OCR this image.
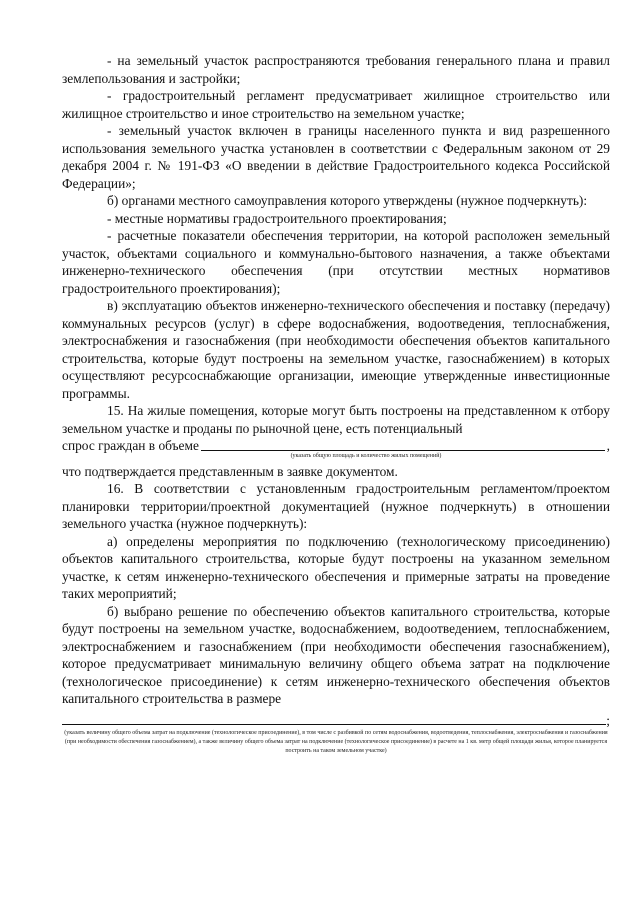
- на земельный участок распространяются требования генерального плана и правил землепользования и застройки;

- градостроительный регламент предусматривает жилищное строительство или жилищное строительство и иное строительство на земельном участке;

- земельный участок включен в границы населенного пункта и вид разрешенного использования земельного участка установлен в соответствии с Федеральным законом от 29 декабря 2004 г. № 191-ФЗ «О введении в действие Градостроительного кодекса Российской Федерации»;

б) органами местного самоуправления которого утверждены (нужное подчеркнуть):

- местные нормативы градостроительного проектирования;

- расчетные показатели обеспечения территории, на которой расположен земельный участок, объектами социального и коммунально-бытового назначения, а также объектами инженерно-технического обеспечения (при отсутствии местных нормативов градостроительного проектирования);

в) эксплуатацию объектов инженерно-технического обеспечения и поставку (передачу) коммунальных ресурсов (услуг) в сфере водоснабжения, водоотведения, теплоснабжения, электроснабжения и газоснабжения (при необходимости обеспечения объектов капитального строительства, которые будут построены на земельном участке, газоснабжением) в которых осуществляют ресурсоснабжающие организации, имеющие утвержденные инвестиционные программы.

15. На жилые помещения, которые могут быть построены на представленном к отбору земельном участке и проданы по рыночной цене, есть потенциальный

спрос граждан в объеме	,
(указать общую площадь и количество жилых помещений)

что подтверждается представленным в заявке документом.

16. В соответствии с установленным градостроительным регламентом/проектом планировки территории/проектной документацией (нужное подчеркнуть) в отношении земельного участка (нужное подчеркнуть):

а) определены мероприятия по подключению (технологическому присоединению) объектов капитального строительства, которые будут построены на указанном земельном участке, к сетям инженерно-технического обеспечения и примерные затраты на проведение таких мероприятий;

б) выбрано решение по обеспечению объектов капитального строительства, которые будут построены на земельном участке, водоснабжением, водоотведением, теплоснабжением, электроснабжением и газоснабжением (при необходимости обеспечения газоснабжением), которое предусматривает минимальную величину общего объема затрат на подключение (технологическое присоединение) к сетям инженерно-технического обеспечения объектов капитального строительства в размере

;
(указать величину общего объема затрат на подключение (технологическое присоединение), в том числе с разбивкой по сетям водоснабжения, водоотведения, теплоснабжения, электроснабжения и газоснабжения (при необходимости обеспечения газоснабжением), а также величину общего объема затрат на подключение (технологическое присоединение) в расчете на 1 кв. метр общей площади жилья, которое планируется построить на таком земельном участке)
